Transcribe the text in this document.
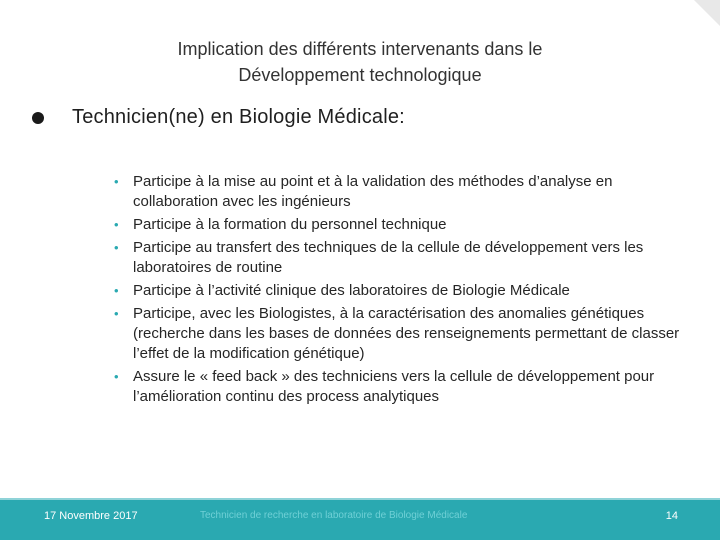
Implication des différents intervenants dans le
Développement technologique
Technicien(ne) en Biologie Médicale:
• Participe à la mise au point et à la validation des méthodes d’analyse en collaboration avec les ingénieurs
• Participe à la formation du personnel technique
• Participe au transfert des techniques de la cellule de développement vers les laboratoires de routine
• Participe à l’activité clinique des laboratoires de Biologie Médicale
• Participe, avec les Biologistes, à la caractérisation des anomalies génétiques (recherche dans les bases de données des renseignements permettant de classer l’effet de la modification génétique)
• Assure le « feed back » des techniciens vers la cellule de développement pour l’amélioration continu des process analytiques
17 Novembre 2017	Technicien de recherche en laboratoire de Biologie Médicale	14
